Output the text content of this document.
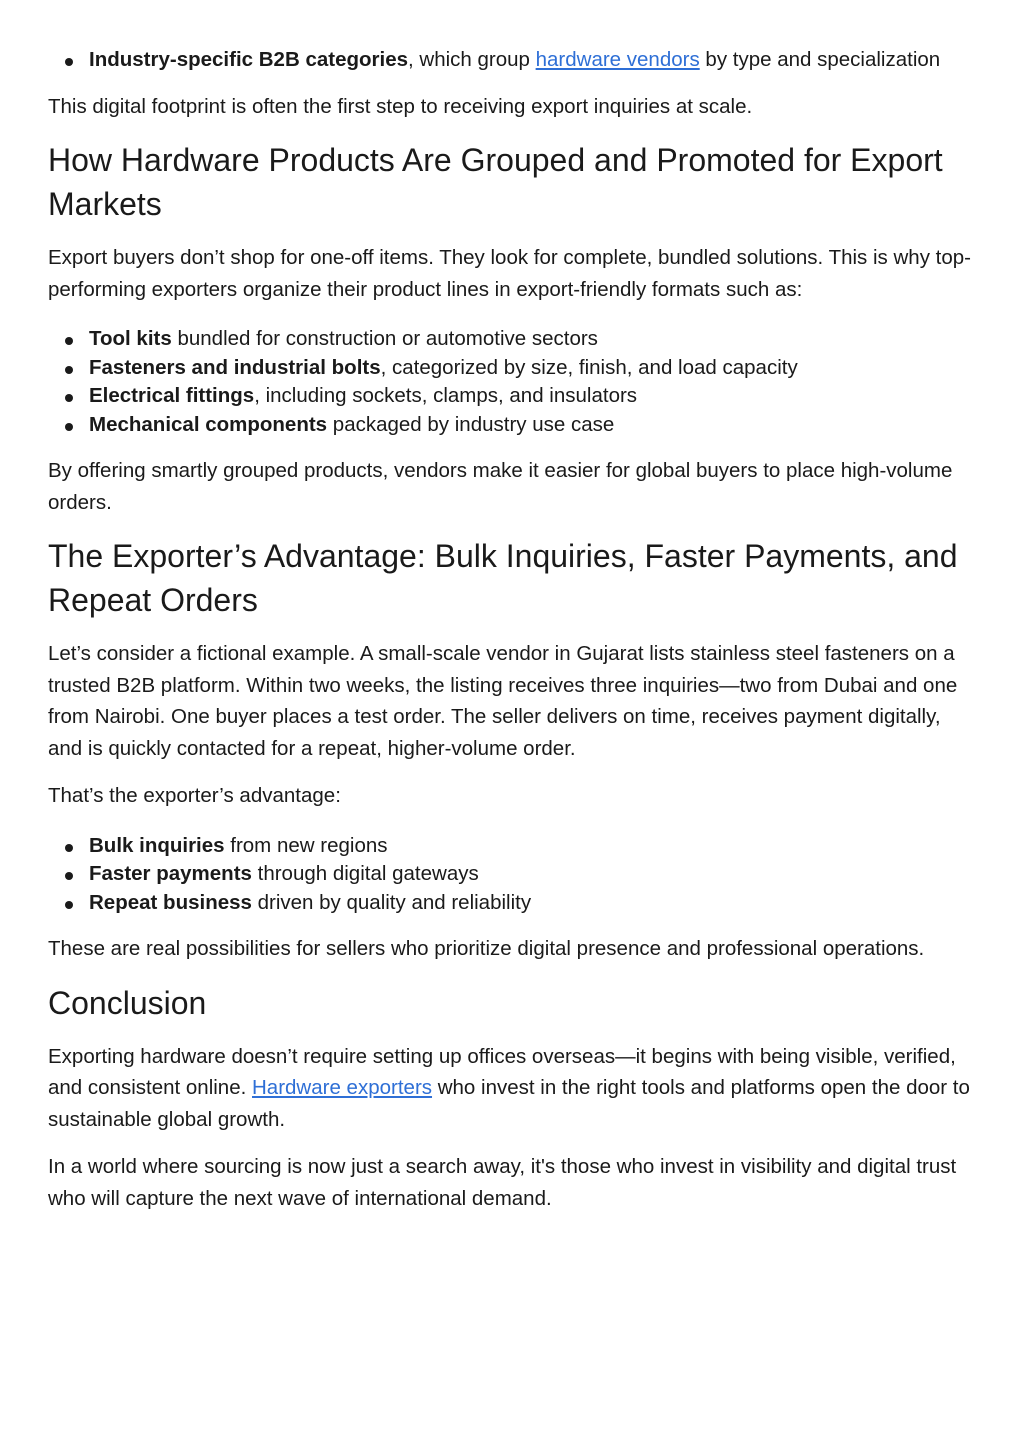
Industry-specific B2B categories, which group hardware vendors by type and specialization

This digital footprint is often the first step to receiving export inquiries at scale.

How Hardware Products Are Grouped and Promoted for Export Markets

Export buyers don’t shop for one-off items. They look for complete, bundled solutions. This is why top-performing exporters organize their product lines in export-friendly formats such as:

Tool kits bundled for construction or automotive sectors
Fasteners and industrial bolts, categorized by size, finish, and load capacity
Electrical fittings, including sockets, clamps, and insulators
Mechanical components packaged by industry use case

By offering smartly grouped products, vendors make it easier for global buyers to place high-volume orders.

The Exporter’s Advantage: Bulk Inquiries, Faster Payments, and Repeat Orders

Let’s consider a fictional example. A small-scale vendor in Gujarat lists stainless steel fasteners on a trusted B2B platform. Within two weeks, the listing receives three inquiries—two from Dubai and one from Nairobi. One buyer places a test order. The seller delivers on time, receives payment digitally, and is quickly contacted for a repeat, higher-volume order.

That’s the exporter’s advantage:

Bulk inquiries from new regions
Faster payments through digital gateways
Repeat business driven by quality and reliability

These are real possibilities for sellers who prioritize digital presence and professional operations.

Conclusion

Exporting hardware doesn’t require setting up offices overseas—it begins with being visible, verified, and consistent online. Hardware exporters who invest in the right tools and platforms open the door to sustainable global growth.

In a world where sourcing is now just a search away, it's those who invest in visibility and digital trust who will capture the next wave of international demand.
